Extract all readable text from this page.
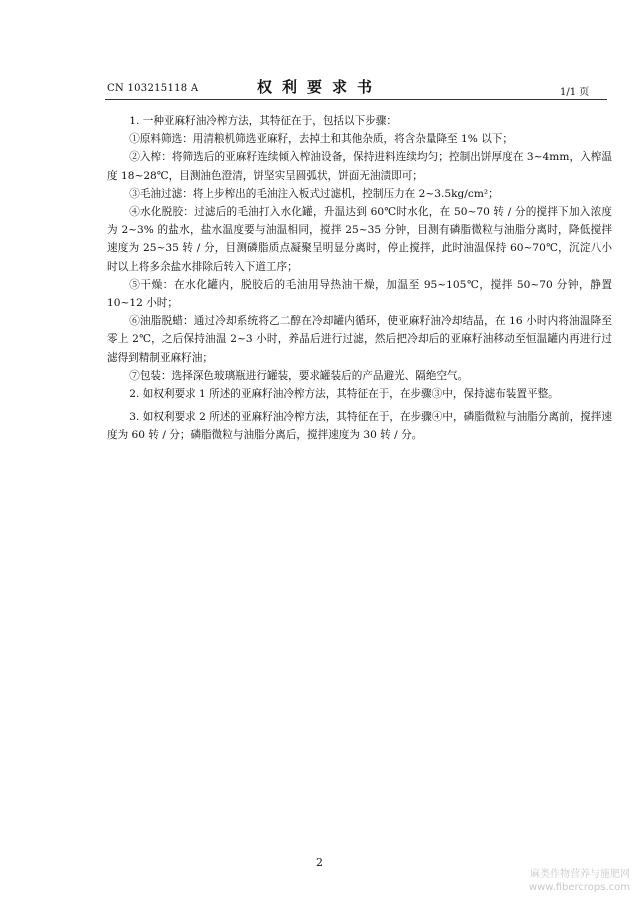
CN 103215118 A	权利要求书	1/1 页

1. 一种亚麻籽油冷榨方法，其特征在于，包括以下步骤：

①原料筛选：用清粮机筛选亚麻籽，去掉土和其他杂质，将含杂量降至 1% 以下；

②入榨：将筛选后的亚麻籽连续倾入榨油设备，保持进料连续均匀；控制出饼厚度在 3~4mm，入榨温度 18~28℃，目测油色澄清，饼坚实呈圆弧状，饼面无油渍即可；

③毛油过滤：将上步榨出的毛油注入板式过滤机，控制压力在 2~3.5kg/cm²；

④水化脱胶：过滤后的毛油打入水化罐，升温达到 60℃时水化，在 50~70 转 / 分的搅拌下加入浓度为 2~3% 的盐水，盐水温度要与油温相同，搅拌 25~35 分钟，目测有磷脂微粒与油脂分离时，降低搅拌速度为 25~35 转 / 分，目测磷脂质点凝聚呈明显分离时，停止搅拌，此时油温保持 60~70℃，沉淀八小时以上将多余盐水排除后转入下道工序；

⑤干燥：在水化罐内，脱胶后的毛油用导热油干燥，加温至 95~105℃，搅拌 50~70 分钟，静置 10~12 小时；

⑥油脂脱蜡：通过冷却系统将乙二醇在冷却罐内循环，使亚麻籽油冷却结晶，在 16 小时内将油温降至零上 2℃，之后保持油温 2~3 小时，养晶后进行过滤，然后把冷却后的亚麻籽油移动至恒温罐内再进行过滤得到精制亚麻籽油；

⑦包装：选择深色玻璃瓶进行罐装，要求罐装后的产品避光、隔绝空气。

2. 如权利要求 1 所述的亚麻籽油冷榨方法，其特征在于，在步骤③中，保持滤布装置平整。

3. 如权利要求 2 所述的亚麻籽油冷榨方法，其特征在于，在步骤④中，磷脂微粒与油脂分离前，搅拌速度为 60 转 / 分；磷脂微粒与油脂分离后，搅拌速度为 30 转 / 分。

2
麻类作物营养与施肥网
www.fibercrops.com
